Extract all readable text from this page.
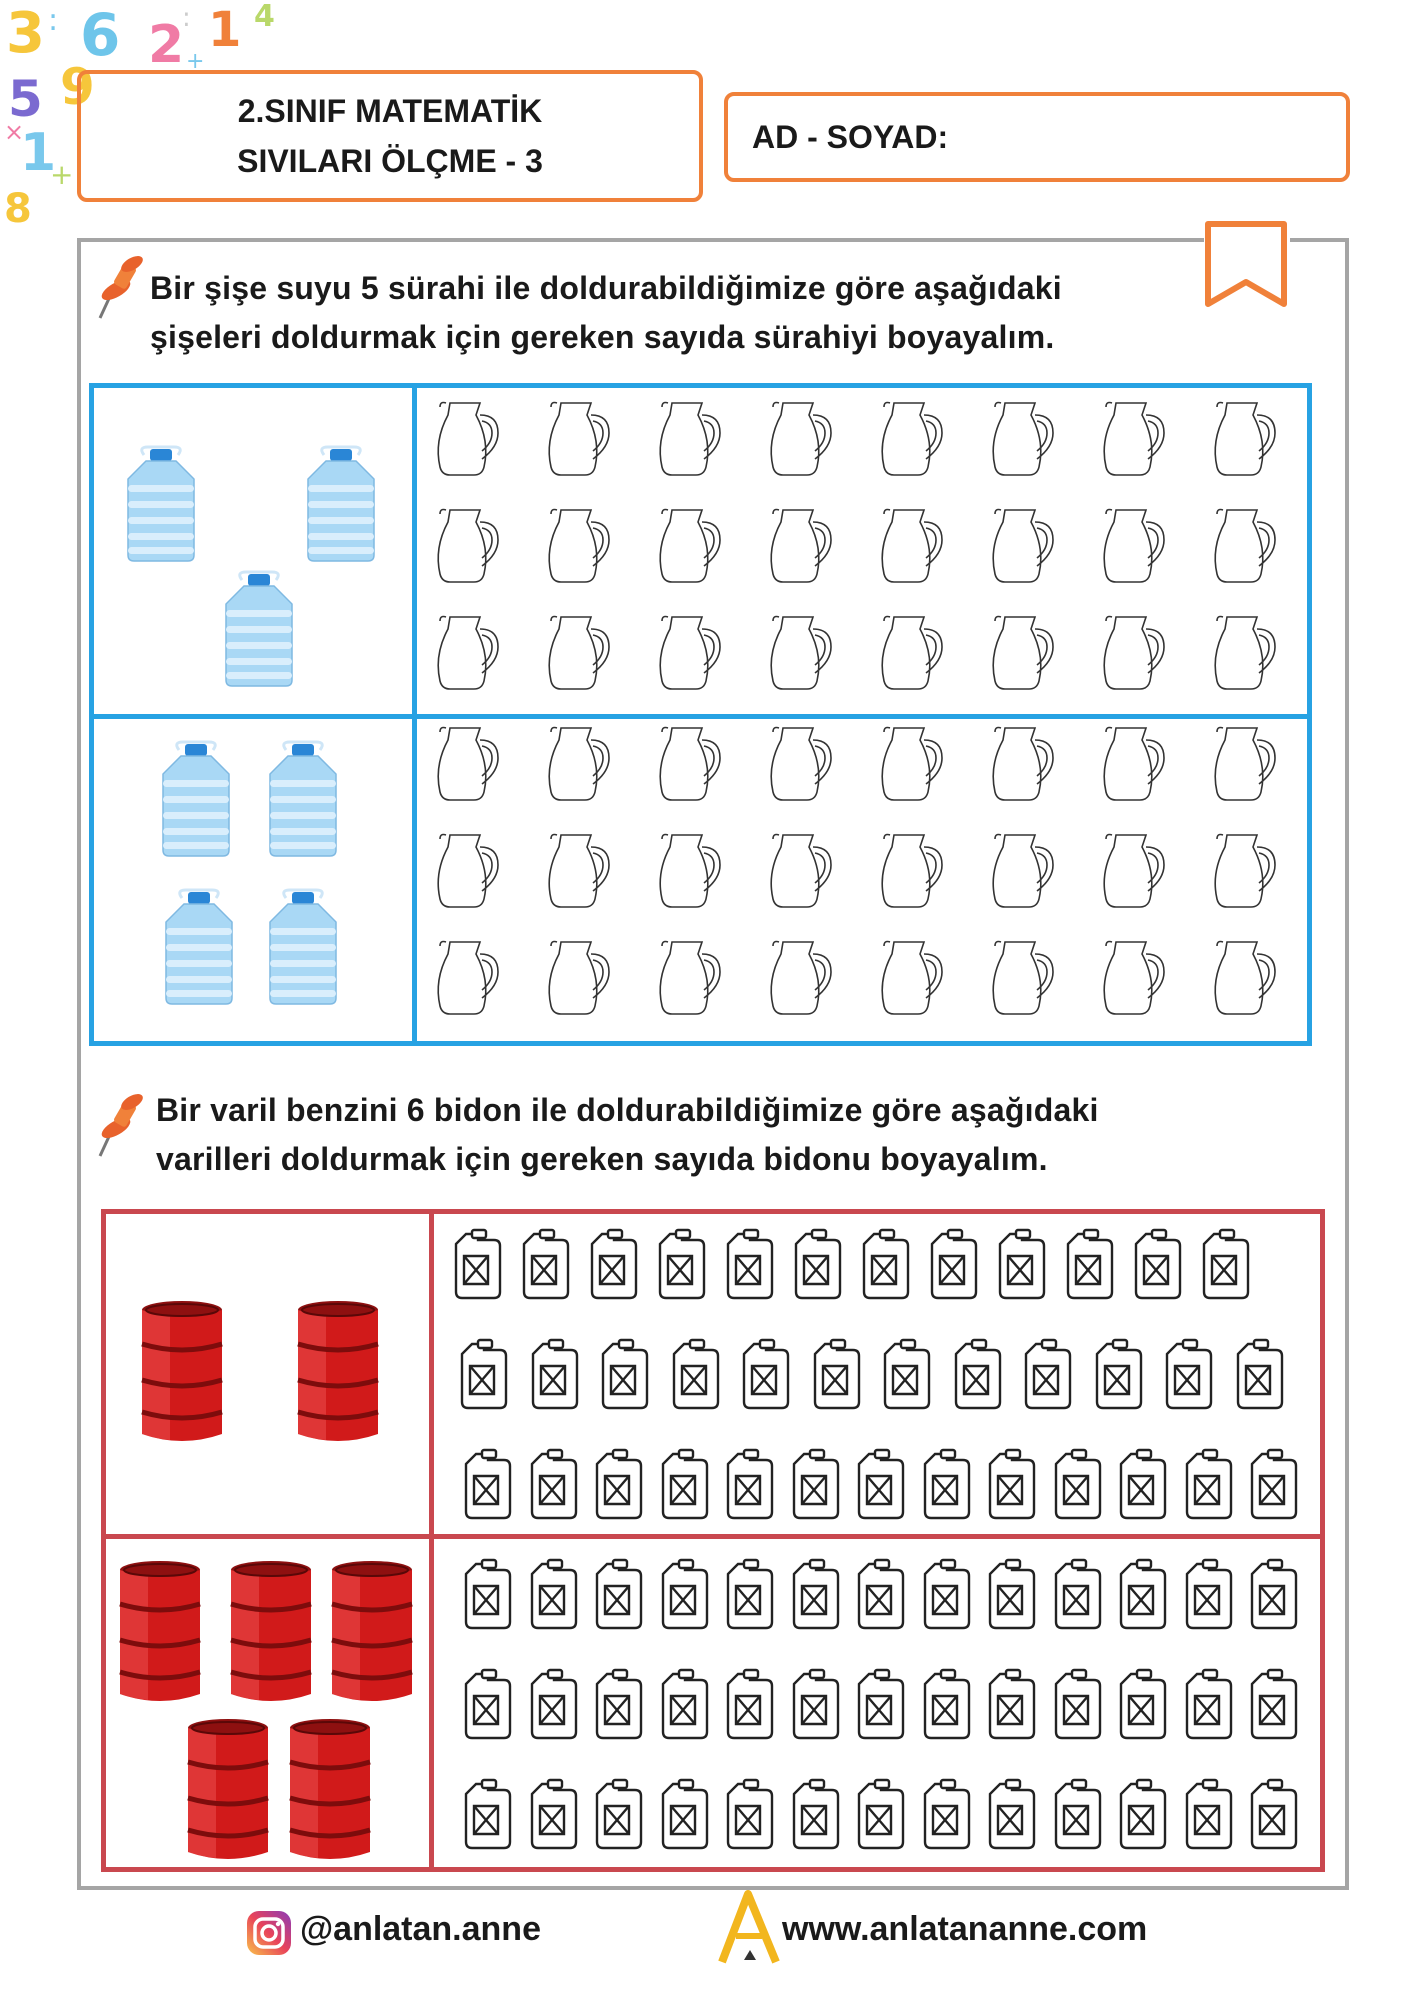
3 : 6 2
: 1 4
5 9
1
8
+
×
+
2.SINIF MATEMATİK
SIVILARI ÖLÇME - 3
AD - SOYAD:
Bir şişe suyu 5 sürahi ile doldurabildiğimize göre aşağıdaki
şişeleri doldurmak için gereken sayıda sürahiyi boyayalım.
Bir varil benzini 6 bidon ile doldurabildiğimize göre aşağıdaki
varilleri doldurmak için gereken sayıda bidonu boyayalım.
@anlatan.anne	www.anlatananne.com
